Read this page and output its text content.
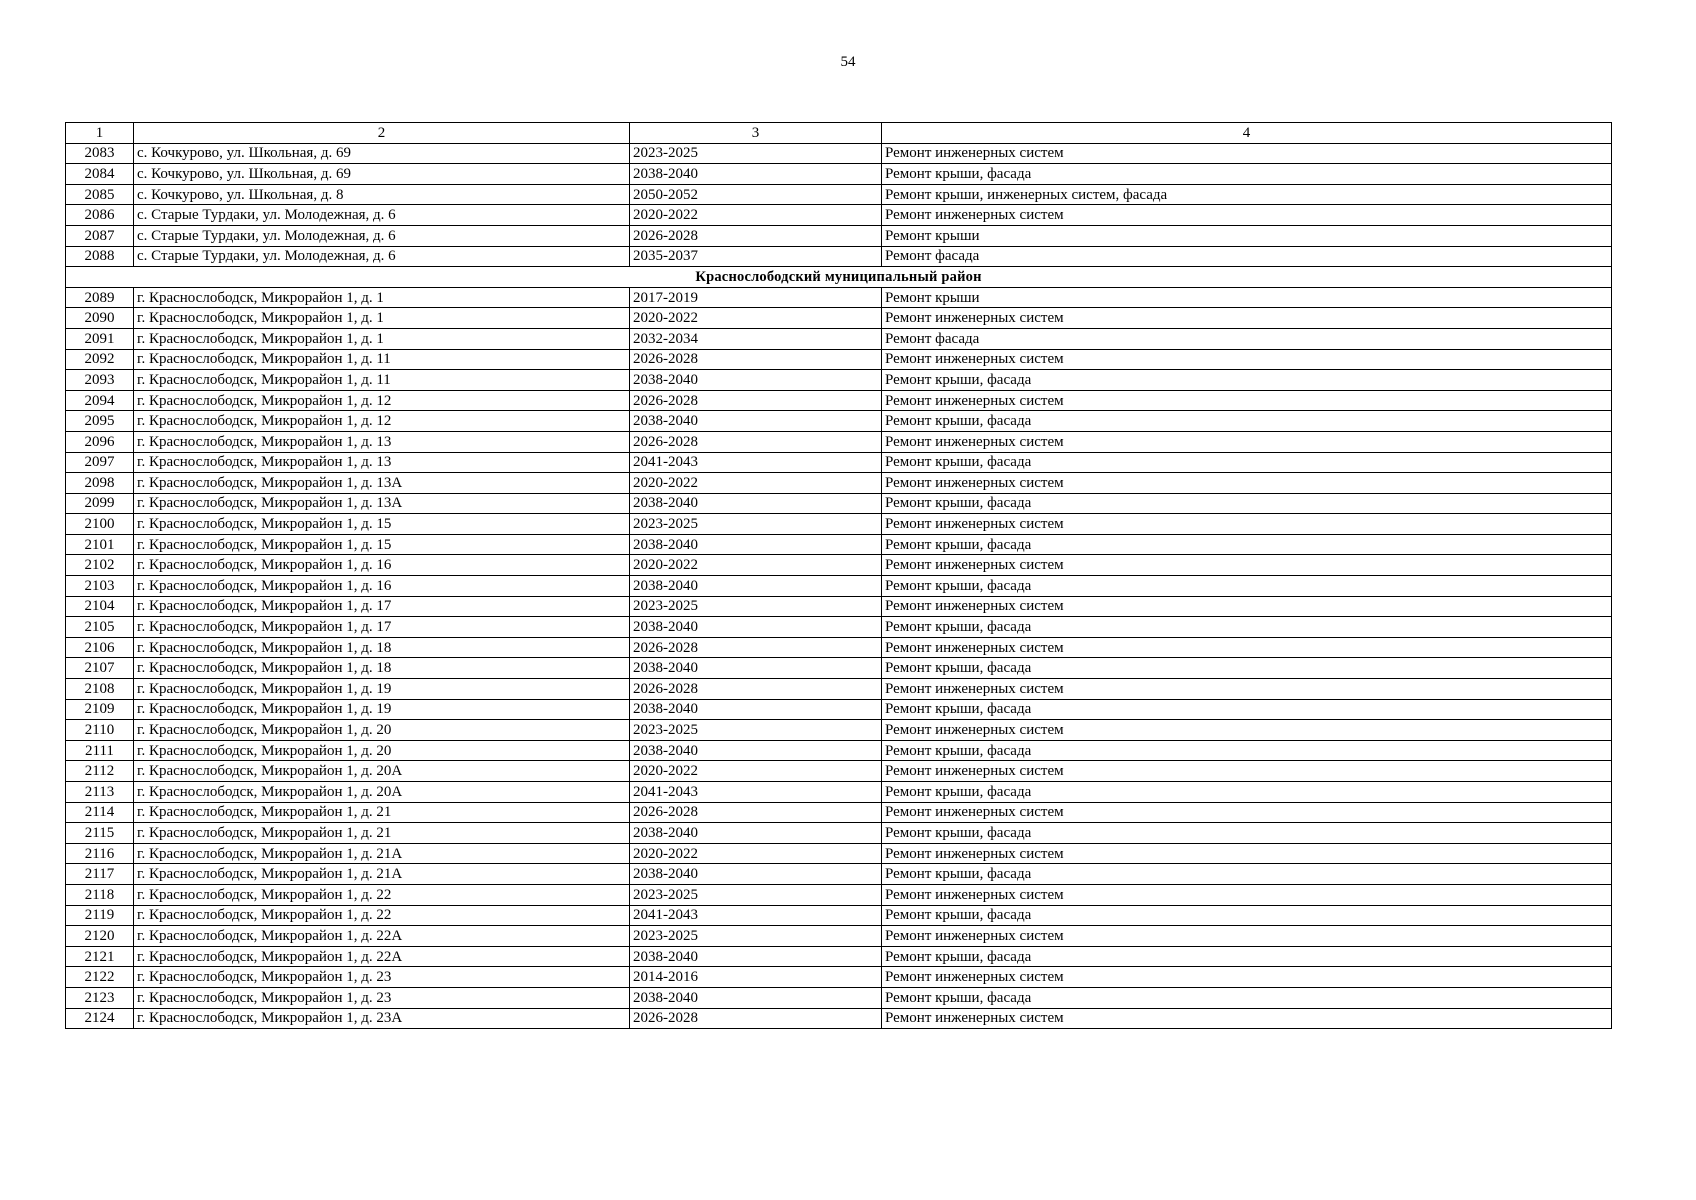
54
1	2	3	4
2083	с. Кочкурово, ул. Школьная, д. 69	2023-2025	Ремонт инженерных систем
2084	с. Кочкурово, ул. Школьная, д. 69	2038-2040	Ремонт крыши, фасада
2085	с. Кочкурово, ул. Школьная, д. 8	2050-2052	Ремонт крыши, инженерных систем, фасада
2086	с. Старые Турдаки, ул. Молодежная, д. 6	2020-2022	Ремонт инженерных систем
2087	с. Старые Турдаки, ул. Молодежная, д. 6	2026-2028	Ремонт крыши
2088	с. Старые Турдаки, ул. Молодежная, д. 6	2035-2037	Ремонт фасада
Краснослободский муниципальный район			
2089	г. Краснослободск, Микрорайон 1, д. 1	2017-2019	Ремонт крыши
2090	г. Краснослободск, Микрорайон 1, д. 1	2020-2022	Ремонт инженерных систем
2091	г. Краснослободск, Микрорайон 1, д. 1	2032-2034	Ремонт фасада
2092	г. Краснослободск, Микрорайон 1, д. 11	2026-2028	Ремонт инженерных систем
2093	г. Краснослободск, Микрорайон 1, д. 11	2038-2040	Ремонт крыши, фасада
2094	г. Краснослободск, Микрорайон 1, д. 12	2026-2028	Ремонт инженерных систем
2095	г. Краснослободск, Микрорайон 1, д. 12	2038-2040	Ремонт крыши, фасада
2096	г. Краснослободск, Микрорайон 1, д. 13	2026-2028	Ремонт инженерных систем
2097	г. Краснослободск, Микрорайон 1, д. 13	2041-2043	Ремонт крыши, фасада
2098	г. Краснослободск, Микрорайон 1, д. 13А	2020-2022	Ремонт инженерных систем
2099	г. Краснослободск, Микрорайон 1, д. 13А	2038-2040	Ремонт крыши, фасада
2100	г. Краснослободск, Микрорайон 1, д. 15	2023-2025	Ремонт инженерных систем
2101	г. Краснослободск, Микрорайон 1, д. 15	2038-2040	Ремонт крыши, фасада
2102	г. Краснослободск, Микрорайон 1, д. 16	2020-2022	Ремонт инженерных систем
2103	г. Краснослободск, Микрорайон 1, д. 16	2038-2040	Ремонт крыши, фасада
2104	г. Краснослободск, Микрорайон 1, д. 17	2023-2025	Ремонт инженерных систем
2105	г. Краснослободск, Микрорайон 1, д. 17	2038-2040	Ремонт крыши, фасада
2106	г. Краснослободск, Микрорайон 1, д. 18	2026-2028	Ремонт инженерных систем
2107	г. Краснослободск, Микрорайон 1, д. 18	2038-2040	Ремонт крыши, фасада
2108	г. Краснослободск, Микрорайон 1, д. 19	2026-2028	Ремонт инженерных систем
2109	г. Краснослободск, Микрорайон 1, д. 19	2038-2040	Ремонт крыши, фасада
2110	г. Краснослободск, Микрорайон 1, д. 20	2023-2025	Ремонт инженерных систем
2111	г. Краснослободск, Микрорайон 1, д. 20	2038-2040	Ремонт крыши, фасада
2112	г. Краснослободск, Микрорайон 1, д. 20А	2020-2022	Ремонт инженерных систем
2113	г. Краснослободск, Микрорайон 1, д. 20А	2041-2043	Ремонт крыши, фасада
2114	г. Краснослободск, Микрорайон 1, д. 21	2026-2028	Ремонт инженерных систем
2115	г. Краснослободск, Микрорайон 1, д. 21	2038-2040	Ремонт крыши, фасада
2116	г. Краснослободск, Микрорайон 1, д. 21А	2020-2022	Ремонт инженерных систем
2117	г. Краснослободск, Микрорайон 1, д. 21А	2038-2040	Ремонт крыши, фасада
2118	г. Краснослободск, Микрорайон 1, д. 22	2023-2025	Ремонт инженерных систем
2119	г. Краснослободск, Микрорайон 1, д. 22	2041-2043	Ремонт крыши, фасада
2120	г. Краснослободск, Микрорайон 1, д. 22А	2023-2025	Ремонт инженерных систем
2121	г. Краснослободск, Микрорайон 1, д. 22А	2038-2040	Ремонт крыши, фасада
2122	г. Краснослободск, Микрорайон 1, д. 23	2014-2016	Ремонт инженерных систем
2123	г. Краснослободск, Микрорайон 1, д. 23	2038-2040	Ремонт крыши, фасада
2124	г. Краснослободск, Микрорайон 1, д. 23А	2026-2028	Ремонт инженерных систем
